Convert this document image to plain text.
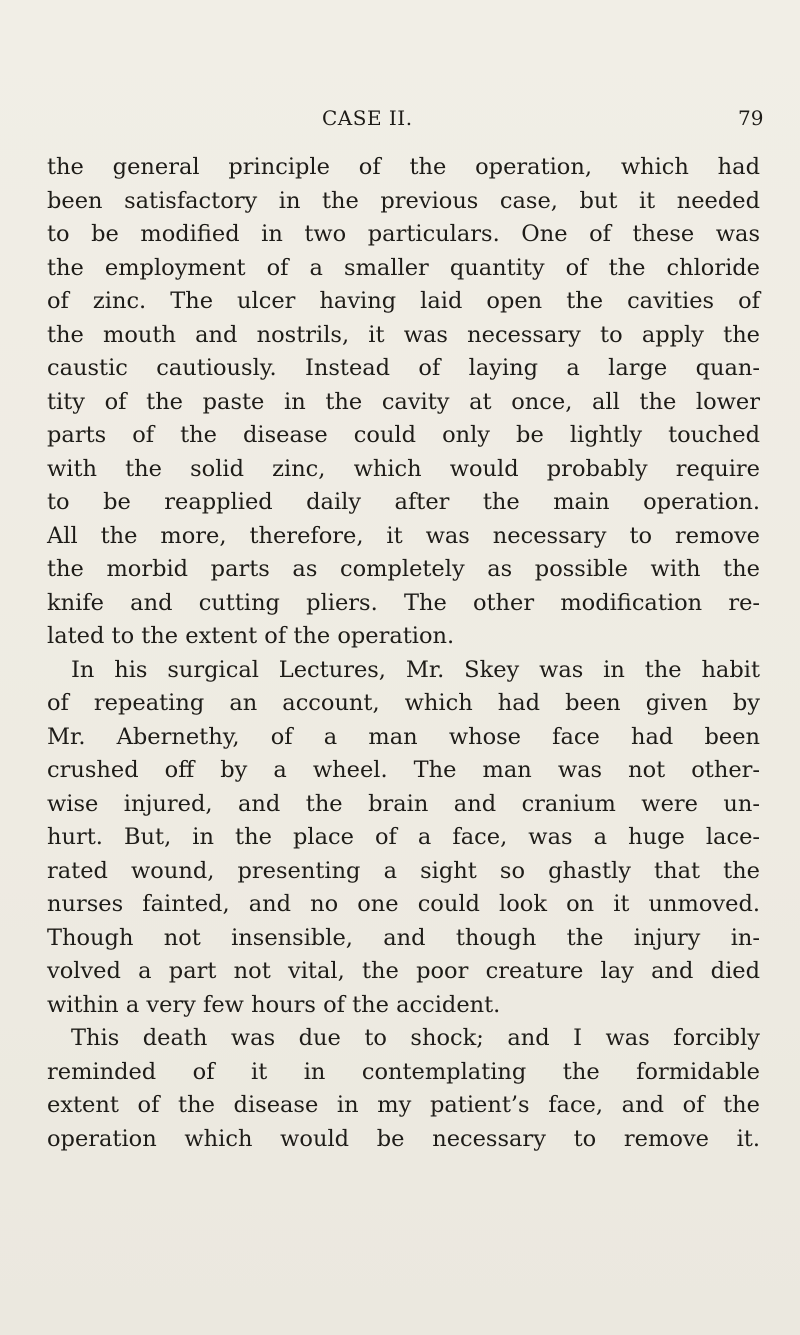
CASE II.	79
the general principle of the operation, which had
been satisfactory in the previous case, but it needed
to be modified in two particulars. One of these was
the employment of a smaller quantity of the chloride
of zinc. The ulcer having laid open the cavities of
the mouth and nostrils, it was necessary to apply the
caustic cautiously. Instead of laying a large quan-
tity of the paste in the cavity at once, all the lower
parts of the disease could only be lightly touched
with the solid zinc, which would probably require
to be reapplied daily after the main operation.
All the more, therefore, it was necessary to remove
the morbid parts as completely as possible with the
knife and cutting pliers. The other modification re-
lated to the extent of the operation.
In his surgical Lectures, Mr. Skey was in the habit
of repeating an account, which had been given by
Mr. Abernethy, of a man whose face had been
crushed off by a wheel. The man was not other-
wise injured, and the brain and cranium were un-
hurt. But, in the place of a face, was a huge lace-
rated wound, presenting a sight so ghastly that the
nurses fainted, and no one could look on it unmoved.
Though not insensible, and though the injury in-
volved a part not vital, the poor creature lay and died
within a very few hours of the accident.
This death was due to shock; and I was forcibly
reminded of it in contemplating the formidable
extent of the disease in my patient’s face, and of the
operation which would be necessary to remove it.
